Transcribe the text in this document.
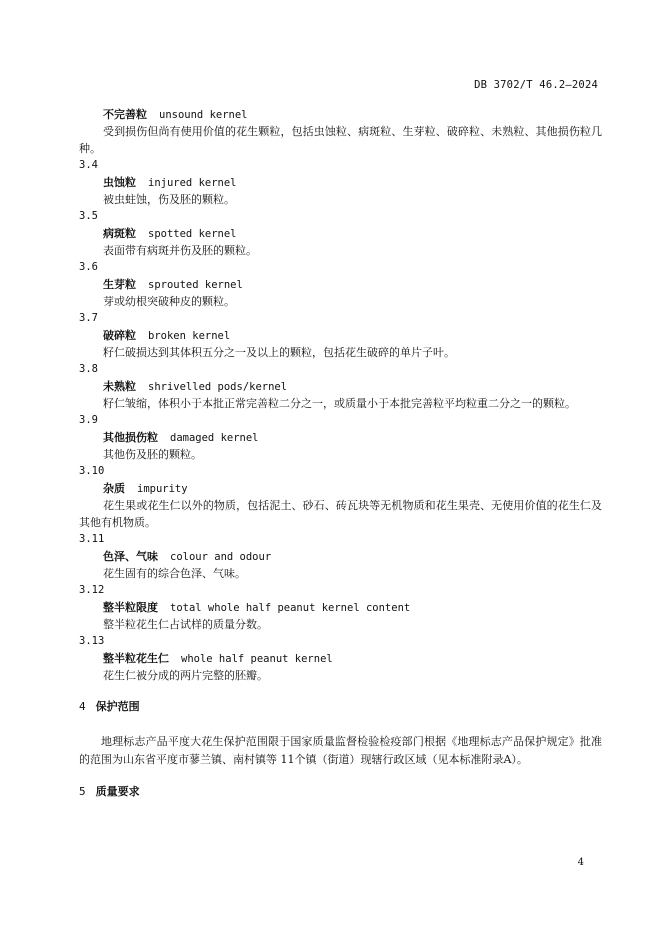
DB 3702/T 46.2—2024
不完善粒 unsound kernel
受到损伤但尚有使用价值的花生颗粒，包括虫蚀粒、病斑粒、生芽粒、破碎粒、未熟粒、其他损伤粒几种。
3.4
虫蚀粒 injured kernel
被虫蛀蚀，伤及胚的颗粒。
3.5
病斑粒 spotted kernel
表面带有病斑并伤及胚的颗粒。
3.6
生芽粒 sprouted kernel
芽或幼根突破种皮的颗粒。
3.7
破碎粒 broken kernel
籽仁破损达到其体积五分之一及以上的颗粒，包括花生破碎的单片子叶。
3.8
未熟粒 shrivelled pods/kernel
籽仁皱缩，体积小于本批正常完善粒二分之一，或质量小于本批完善粒平均粒重二分之一的颗粒。
3.9
其他损伤粒 damaged kernel
其他伤及胚的颗粒。
3.10
杂质 impurity
花生果或花生仁以外的物质，包括泥土、砂石、砖瓦块等无机物质和花生果壳、无使用价值的花生仁及其他有机物质。
3.11
色泽、气味 colour and odour
花生固有的综合色泽、气味。
3.12
整半粒限度 total whole half peanut kernel content
整半粒花生仁占试样的质量分数。
3.13
整半粒花生仁 whole half peanut kernel
花生仁被分成的两片完整的胚瓣。
4 保护范围
地理标志产品平度大花生保护范围限于国家质量监督检验检疫部门根据《地理标志产品保护规定》批准的范围为山东省平度市蓼兰镇、南村镇等 11个镇（街道）现辖行政区域（见本标准附录A）。
5 质量要求
4
